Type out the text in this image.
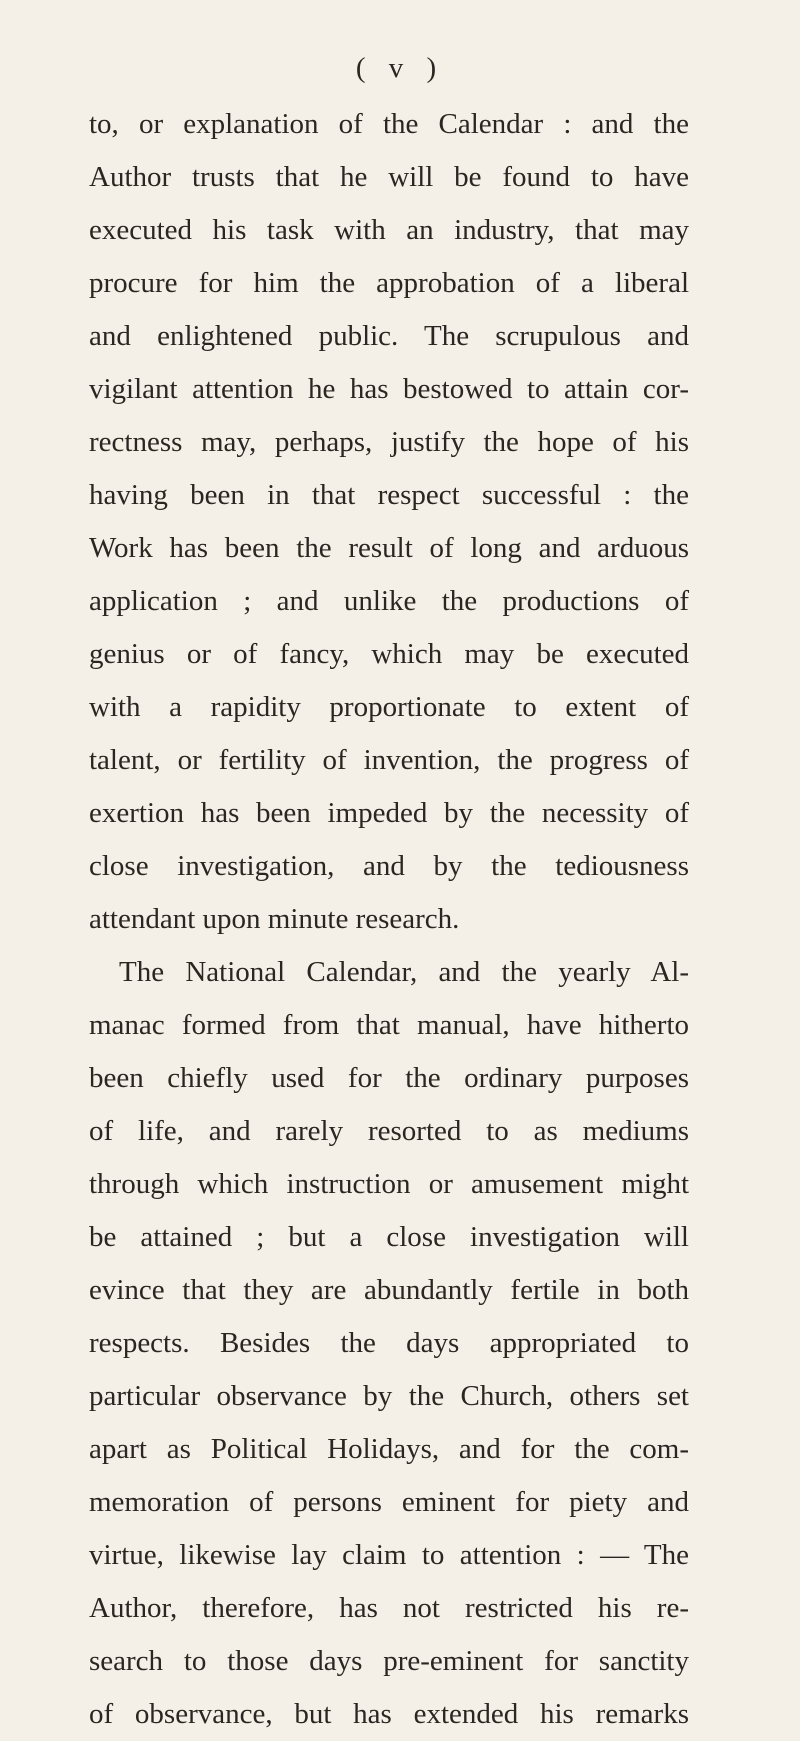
( v )
to, or explanation of the Calendar : and the
Author trusts that he will be found to have
executed his task with an industry, that may
procure for him the approbation of a liberal
and enlightened public. The scrupulous and
vigilant attention he has bestowed to attain cor-
rectness may, perhaps, justify the hope of his
having been in that respect successful : the
Work has been the result of long and arduous
application ; and unlike the productions of
genius or of fancy, which may be executed
with a rapidity proportionate to extent of
talent, or fertility of invention, the progress of
exertion has been impeded by the necessity of
close investigation, and by the tediousness
attendant upon minute research.
The National Calendar, and the yearly Al-
manac formed from that manual, have hitherto
been chiefly used for the ordinary purposes
of life, and rarely resorted to as mediums
through which instruction or amusement might
be attained ; but a close investigation will
evince that they are abundantly fertile in both
respects. Besides the days appropriated to
particular observance by the Church, others set
apart as Political Holidays, and for the com-
memoration of persons eminent for piety and
virtue, likewise lay claim to attention : — The
Author, therefore, has not restricted his re-
search to those days pre-eminent for sanctity
of observance, but has extended his remarks
